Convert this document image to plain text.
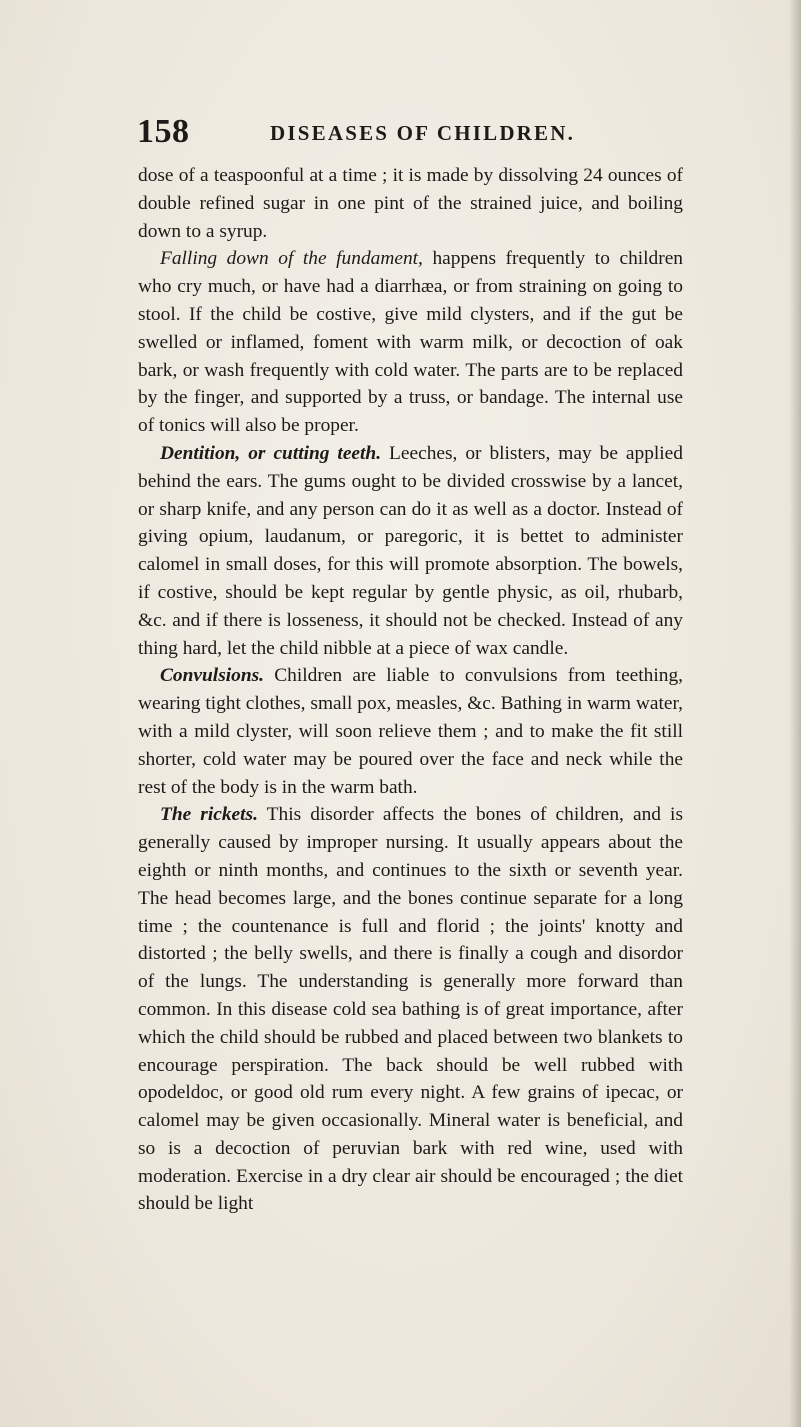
158	DISEASES OF CHILDREN.

dose of a teaspoonful at a time ; it is made by dissolving 24 ounces of double refined sugar in one pint of the strained juice, and boiling down to a syrup.

Falling down of the fundament, happens frequently to children who cry much, or have had a diarrhæa, or from straining on going to stool. If the child be costive, give mild clysters, and if the gut be swelled or inflamed, foment with warm milk, or decoction of oak bark, or wash frequently with cold water. The parts are to be replaced by the finger, and supported by a truss, or bandage. The internal use of tonics will also be proper.

Dentition, or cutting teeth. Leeches, or blisters, may be applied behind the ears. The gums ought to be divided crosswise by a lancet, or sharp knife, and any person can do it as well as a doctor. Instead of giving opium, laudanum, or paregoric, it is bettet to administer calomel in small doses, for this will promote absorption. The bowels, if costive, should be kept regular by gentle physic, as oil, rhubarb, &c. and if there is losseness, it should not be checked. Instead of any thing hard, let the child nibble at a piece of wax candle.

Convulsions. Children are liable to convulsions from teething, wearing tight clothes, small pox, measles, &c. Bathing in warm water, with a mild clyster, will soon relieve them ; and to make the fit still shorter, cold water may be poured over the face and neck while the rest of the body is in the warm bath.

The rickets. This disorder affects the bones of children, and is generally caused by improper nursing. It usually appears about the eighth or ninth months, and continues to the sixth or seventh year. The head becomes large, and the bones continue separate for a long time ; the countenance is full and florid ; the joints' knotty and distorted ; the belly swells, and there is finally a cough and disordor of the lungs. The understanding is generally more forward than common. In this disease cold sea bathing is of great importance, after which the child should be rubbed and placed between two blankets to encourage perspiration. The back should be well rubbed with opodeldoc, or good old rum every night. A few grains of ipecac, or calomel may be given occasionally. Mineral water is beneficial, and so is a decoction of peruvian bark with red wine, used with moderation. Exercise in a dry clear air should be encouraged ; the diet should be light
